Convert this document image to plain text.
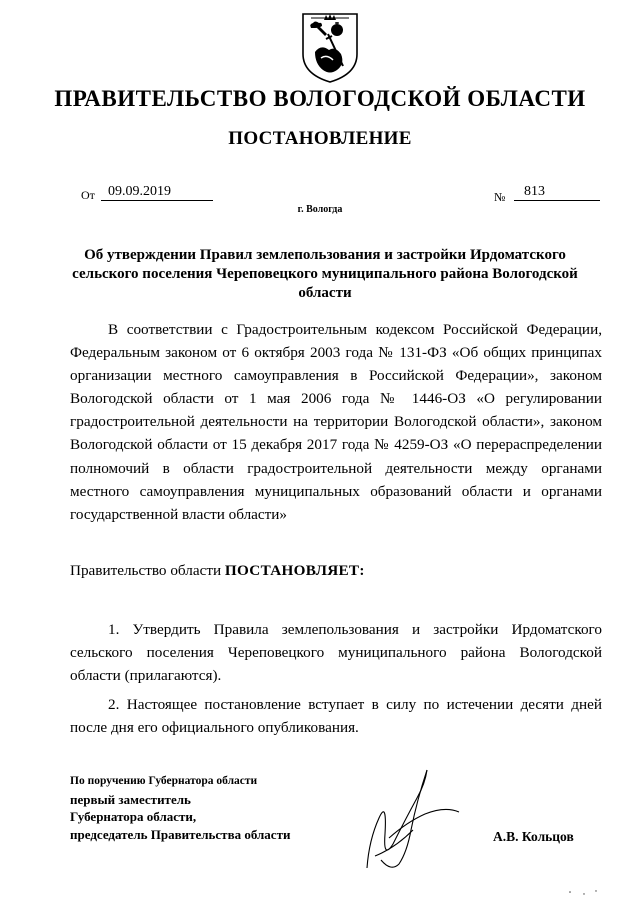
ПРАВИТЕЛЬСТВО ВОЛОГОДСКОЙ ОБЛАСТИ
ПОСТАНОВЛЕНИЕ
От 09.09.2019	№ 813
г. Вологда
Об утверждении Правил землепользования и застройки Ирдоматского сельского поселения Череповецкого муниципального района Вологодской области
В соответствии с Градостроительным кодексом Российской Федерации, Федеральным законом от 6 октября 2003 года № 131-ФЗ «Об общих принципах организации местного самоуправления в Российской Федерации», законом Вологодской области от 1 мая 2006 года № 1446-ОЗ «О регулировании градостроительной деятельности на территории Вологодской области», законом Вологодской области от 15 декабря 2017 года № 4259-ОЗ «О перераспределении полномочий в области градостроительной деятельности между органами местного самоуправления муниципальных образований области и органами государственной власти области»
Правительство области ПОСТАНОВЛЯЕТ:
1. Утвердить Правила землепользования и застройки Ирдоматского сельского поселения Череповецкого муниципального района Вологодской области (прилагаются).
2. Настоящее постановление вступает в силу по истечении десяти дней после дня его официального опубликования.
По поручению Губернатора области
первый заместитель
Губернатора области,
председатель Правительства области	А.В. Кольцов
